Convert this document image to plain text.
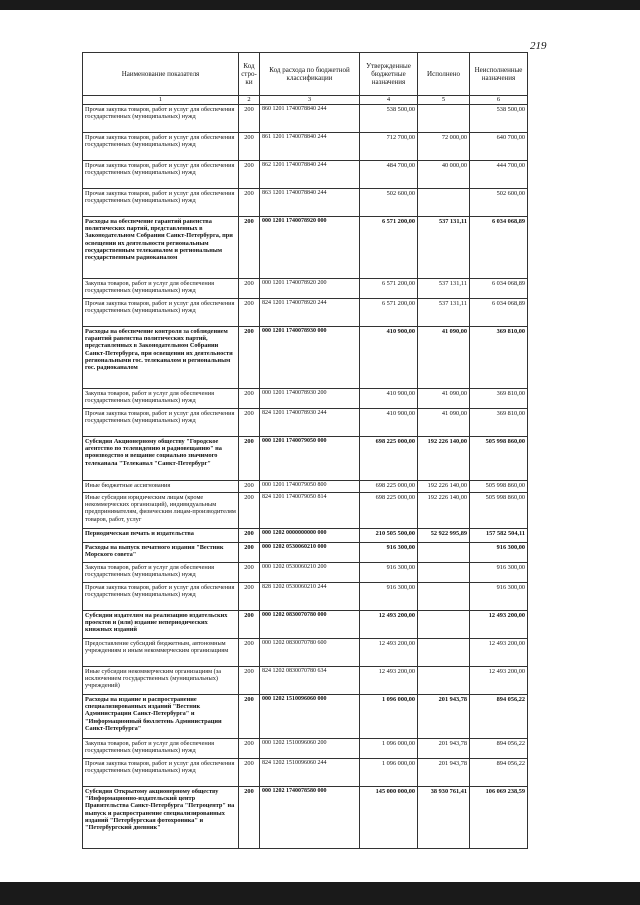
219
Наименование показателя	Код стро-ки	Код расхода по бюджетной классификации	Утвержденные бюджетные назначения	Исполнено	Неисполненные назначения
1	2	3	4	5	6
Прочая закупка товаров, работ и услуг для обеспечения государственных (муниципальных) нужд	200	860 1201 1740078840 244	538 500,00		538 500,00
Прочая закупка товаров, работ и услуг для обеспечения государственных (муниципальных) нужд	200	861 1201 1740078840 244	712 700,00	72 000,00	640 700,00
Прочая закупка товаров, работ и услуг для обеспечения государственных (муниципальных) нужд	200	862 1201 1740078840 244	484 700,00	40 000,00	444 700,00
Прочая закупка товаров, работ и услуг для обеспечения государственных (муниципальных) нужд	200	863 1201 1740078840 244	502 600,00		502 600,00
Расходы на обеспечение гарантий равенства политических партий, представленных в Законодательном Собрании Санкт-Петербурга, при освещении их деятельности региональным государственным телеканалом и региональным государственным радиоканалом	200	000 1201 1740078920 000	6 571 200,00	537 131,11	6 034 068,89
Закупка товаров, работ и услуг для обеспечения государственных (муниципальных) нужд	200	000 1201 1740078920 200	6 571 200,00	537 131,11	6 034 068,89
Прочая закупка товаров, работ и услуг для обеспечения государственных (муниципальных) нужд	200	824 1201 1740078920 244	6 571 200,00	537 131,11	6 034 068,89
Расходы на обеспечение контроля за соблюдением гарантий равенства политических партий, представленных в Законодательном Собрании Санкт-Петербурга, при освещении их деятельности региональными гос. телеканалом и региональным гос. радиоканалом	200	000 1201 1740078930 000	410 900,00	41 090,00	369 810,00
Закупка товаров, работ и услуг для обеспечения государственных (муниципальных) нужд	200	000 1201 1740078930 200	410 900,00	41 090,00	369 810,00
Прочая закупка товаров, работ и услуг для обеспечения государственных (муниципальных) нужд	200	824 1201 1740078930 244	410 900,00	41 090,00	369 810,00
Субсидия Акционерному обществу "Городское агентство по телевидению и радиовещанию" на производство и вещание социально значимого телеканала "Телеканал "Санкт-Петербург"	200	000 1201 1740079050 000	698 225 000,00	192 226 140,00	505 998 860,00
Иные бюджетные ассигнования	200	000 1201 1740079050 800	698 225 000,00	192 226 140,00	505 998 860,00
Иные субсидии юридическим лицам (кроме некоммерческих организаций), индивидуальным предпринимателям, физическим лицам-производителям товаров, работ, услуг	200	824 1201 1740079050 814	698 225 000,00	192 226 140,00	505 998 860,00
Периодическая печать и издательства	200	000 1202 0000000000 000	210 505 500,00	52 922 995,89	157 582 504,11
Расходы на выпуск печатного издания "Вестник Морского совета"	200	000 1202 0530060210 000	916 300,00		916 300,00
Закупка товаров, работ и услуг для обеспечения государственных (муниципальных) нужд	200	000 1202 0530060210 200	916 300,00		916 300,00
Прочая закупка товаров, работ и услуг для обеспечения государственных (муниципальных) нужд	200	828 1202 0530060210 244	916 300,00		916 300,00
Субсидии издателям на реализацию издательских проектов и (или) издание непериодических книжных изданий	200	000 1202 0830070780 000	12 493 200,00		12 493 200,00
Предоставление субсидий бюджетным, автономным учреждениям и иным некоммерческим организациям	200	000 1202 0830070780 600	12 493 200,00		12 493 200,00
Иные субсидии некоммерческим организациям (за исключением государственных (муниципальных) учреждений)	200	824 1202 0830070780 634	12 493 200,00		12 493 200,00
Расходы на издание и распространение специализированных изданий "Вестник Администрации Санкт-Петербурга" и "Информационный бюллетень Администрации Санкт-Петербурга"	200	000 1202 1510096060 000	1 096 000,00	201 943,78	894 056,22
Закупка товаров, работ и услуг для обеспечения государственных (муниципальных) нужд	200	000 1202 1510096060 200	1 096 000,00	201 943,78	894 056,22
Прочая закупка товаров, работ и услуг для обеспечения государственных (муниципальных) нужд	200	824 1202 1510096060 244	1 096 000,00	201 943,78	894 056,22
Субсидия Открытому акционерному обществу "Информационно-издательский центр Правительства Санкт-Петербурга "Петроцентр" на выпуск и распространение специализированных изданий "Петербургская фотохроника" и "Петербургский дневник"	200	000 1202 1740078580 000	145 000 000,00	38 930 761,41	106 069 238,59
